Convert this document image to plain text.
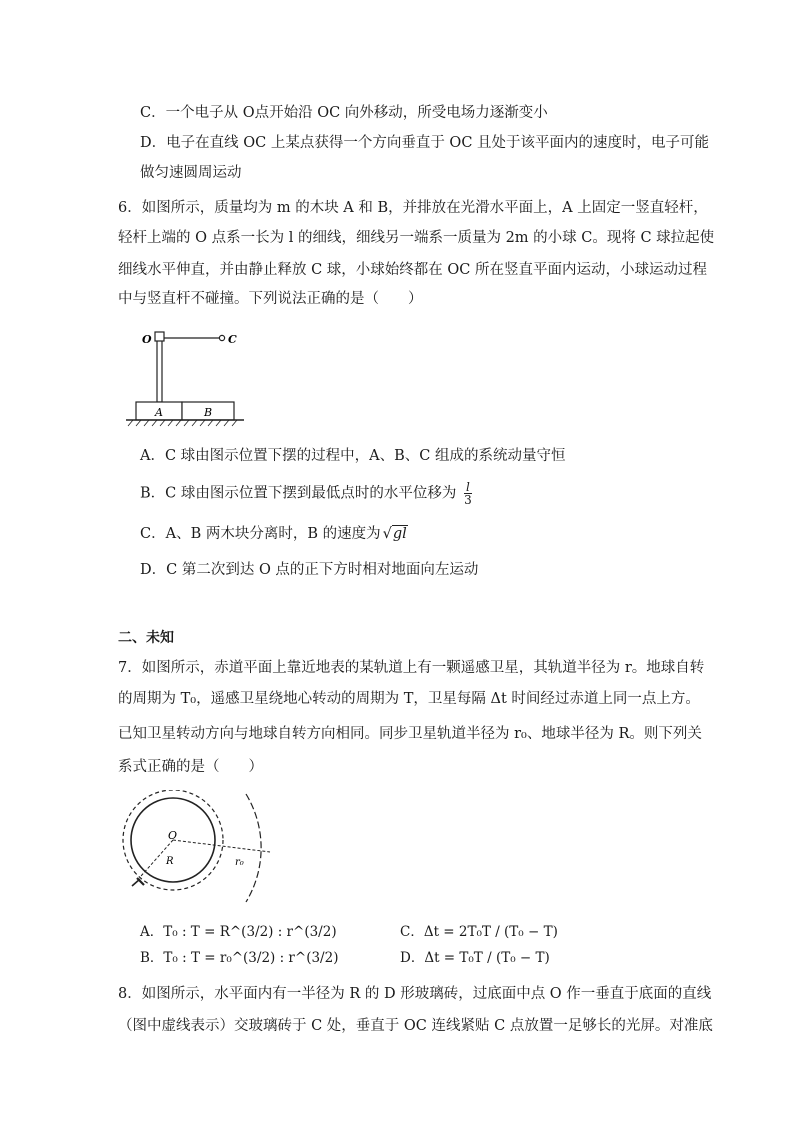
C．一个电子从 O点开始沿 OC 向外移动，所受电场力逐渐变小
D．电子在直线 OC 上某点获得一个方向垂直于 OC 且处于该平面内的速度时，电子可能
做匀速圆周运动
6．如图所示，质量均为 m 的木块 A 和 B，并排放在光滑水平面上，A 上固定一竖直轻杆，
轻杆上端的 O 点系一长为 l 的细线，细线另一端系一质量为 2m 的小球 C。现将 C 球拉起使
细线水平伸直，并由静止释放 C 球，小球始终都在 OC 所在竖直平面内运动，小球运动过程
中与竖直杆不碰撞。下列说法正确的是（　　）
O	C
A	B
A．C 球由图示位置下摆的过程中，A、B、C 组成的系统动量守恒
B．C 球由图示位置下摆到最低点时的水平位移为 $\frac{l}{3}$
C．A、B 两木块分离时，B 的速度为 √gl
D．C 第二次到达 O 点的正下方时相对地面向左运动
二、未知
7．如图所示，赤道平面上靠近地表的某轨道上有一颗遥感卫星，其轨道半径为 r。地球自转
的周期为 T₀，遥感卫星绕地心转动的周期为 T，卫星每隔 Δt 时间经过赤道上同一点上方。
已知卫星转动方向与地球自转方向相同。同步卫星轨道半径为 r₀、地球半径为 R。则下列关
系式正确的是（　　）
O
R	r₀
A．T₀ : T = R^(3/2) : r^(3/2)
B．T₀ : T = r₀^(3/2) : r^(3/2)
C．Δt = 2T₀T / (T₀ − T)
D．Δt = T₀T / (T₀ − T)
8．如图所示，水平面内有一半径为 R 的 D 形玻璃砖，过底面中点 O 作一垂直于底面的直线
（图中虚线表示）交玻璃砖于 C 处，垂直于 OC 连线紧贴 C 点放置一足够长的光屏。对准底
